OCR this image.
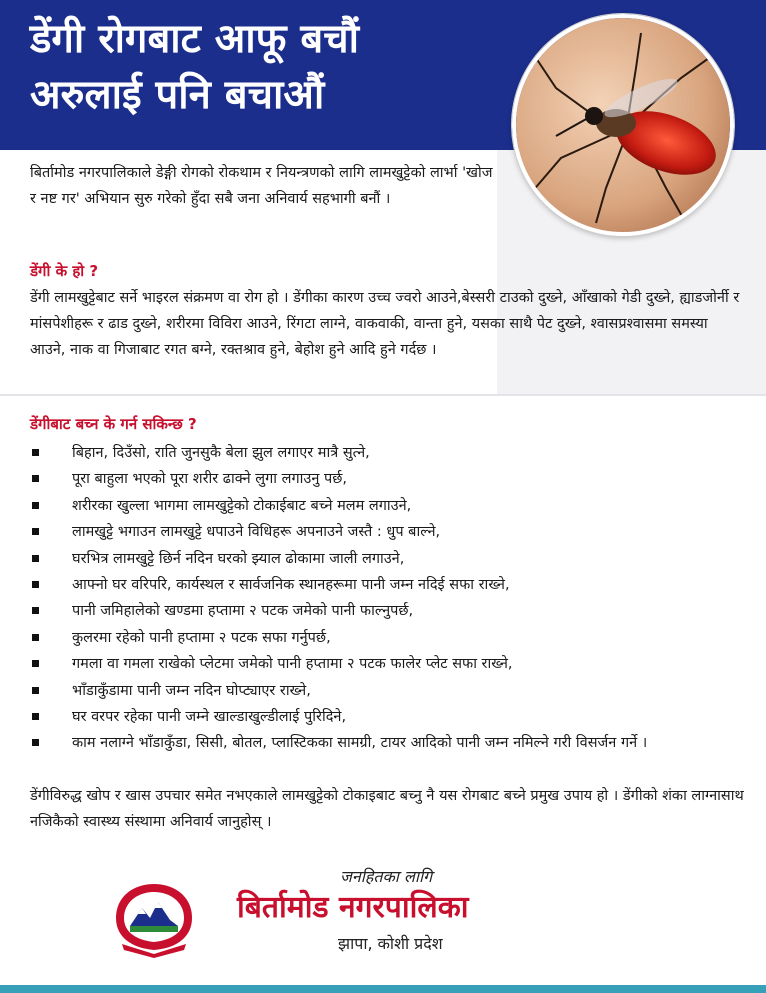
डेंगी रोगबाट आफू बचौं
अरुलाई पनि बचाऔं
बिर्तामोड नगरपालिकाले डेङ्गी रोगको रोकथाम र नियन्त्रणको लागि लामखुट्टेको लार्भा 'खोज र नष्ट गर' अभियान सुरु गरेको हुँदा सबै जना अनिवार्य सहभागी बनौं ।
डेंगी के हो ?
डेंगी लामखुट्टेबाट सर्ने भाइरल संक्रमण वा रोग हो । डेंगीका कारण उच्च ज्वरो आउने,बेस्सरी टाउको दुख्ने, आँखाको गेडी दुख्ने, ह्याडजोर्नी र मांसपेशीहरू र ढाड दुख्ने, शरीरमा विविरा आउने, रिंगटा लाग्ने, वाकवाकी, वान्ता हुने, यसका साथै पेट दुख्ने, श्वासप्रश्वासमा समस्या आउने, नाक वा गिजाबाट रगत बग्ने, रक्तश्राव हुने, बेहोश हुने आदि हुने गर्दछ ।
डेंगीबाट बच्न के गर्न सकिन्छ ?
बिहान, दिउँसो, राति जुनसुकै बेला झुल लगाएर मात्रै सुत्ने,
पूरा बाहुला भएको पूरा शरीर ढाक्ने लुगा लगाउनु पर्छ,
शरीरका खुल्ला भागमा लामखुट्टेको टोकाईबाट बच्ने मलम लगाउने,
लामखुट्टे भगाउन लामखुट्टे धपाउने विधिहरू अपनाउने जस्तै : धुप बाल्ने,
घरभित्र लामखुट्टे छिर्न नदिन घरको झ्याल ढोकामा जाली लगाउने,
आफ्नो घर वरिपरि, कार्यस्थल र सार्वजनिक स्थानहरूमा पानी जम्न नदिई सफा राख्ने,
पानी जमिहालेको खण्डमा हप्तामा २ पटक जमेको पानी फाल्नुपर्छ,
कुलरमा रहेको पानी हप्तामा २ पटक सफा गर्नुपर्छ,
गमला वा गमला राखेको प्लेटमा जमेको पानी हप्तामा २ पटक फालेर प्लेट सफा राख्ने,
भाँडाकुँडामा पानी जम्न नदिन घोप्ट्याएर राख्ने,
घर वरपर रहेका पानी जम्ने खाल्डाखुल्डीलाई पुरिदिने,
काम नलाग्ने भाँडाकुँडा, सिसी, बोतल, प्लास्टिकका सामग्री, टायर आदिको पानी जम्न नमिल्ने गरी विसर्जन गर्ने ।
डेंगीविरुद्ध खोप र खास उपचार समेत नभएकाले लामखुट्टेको टोकाइबाट बच्नु नै यस रोगबाट बच्ने प्रमुख उपाय हो । डेंगीको शंका लाग्नासाथ नजिकैको स्वास्थ्य संस्थामा अनिवार्य जानुहोस् ।
जनहितका लागि
बिर्तामोड नगरपालिका
झापा, कोशी प्रदेश
